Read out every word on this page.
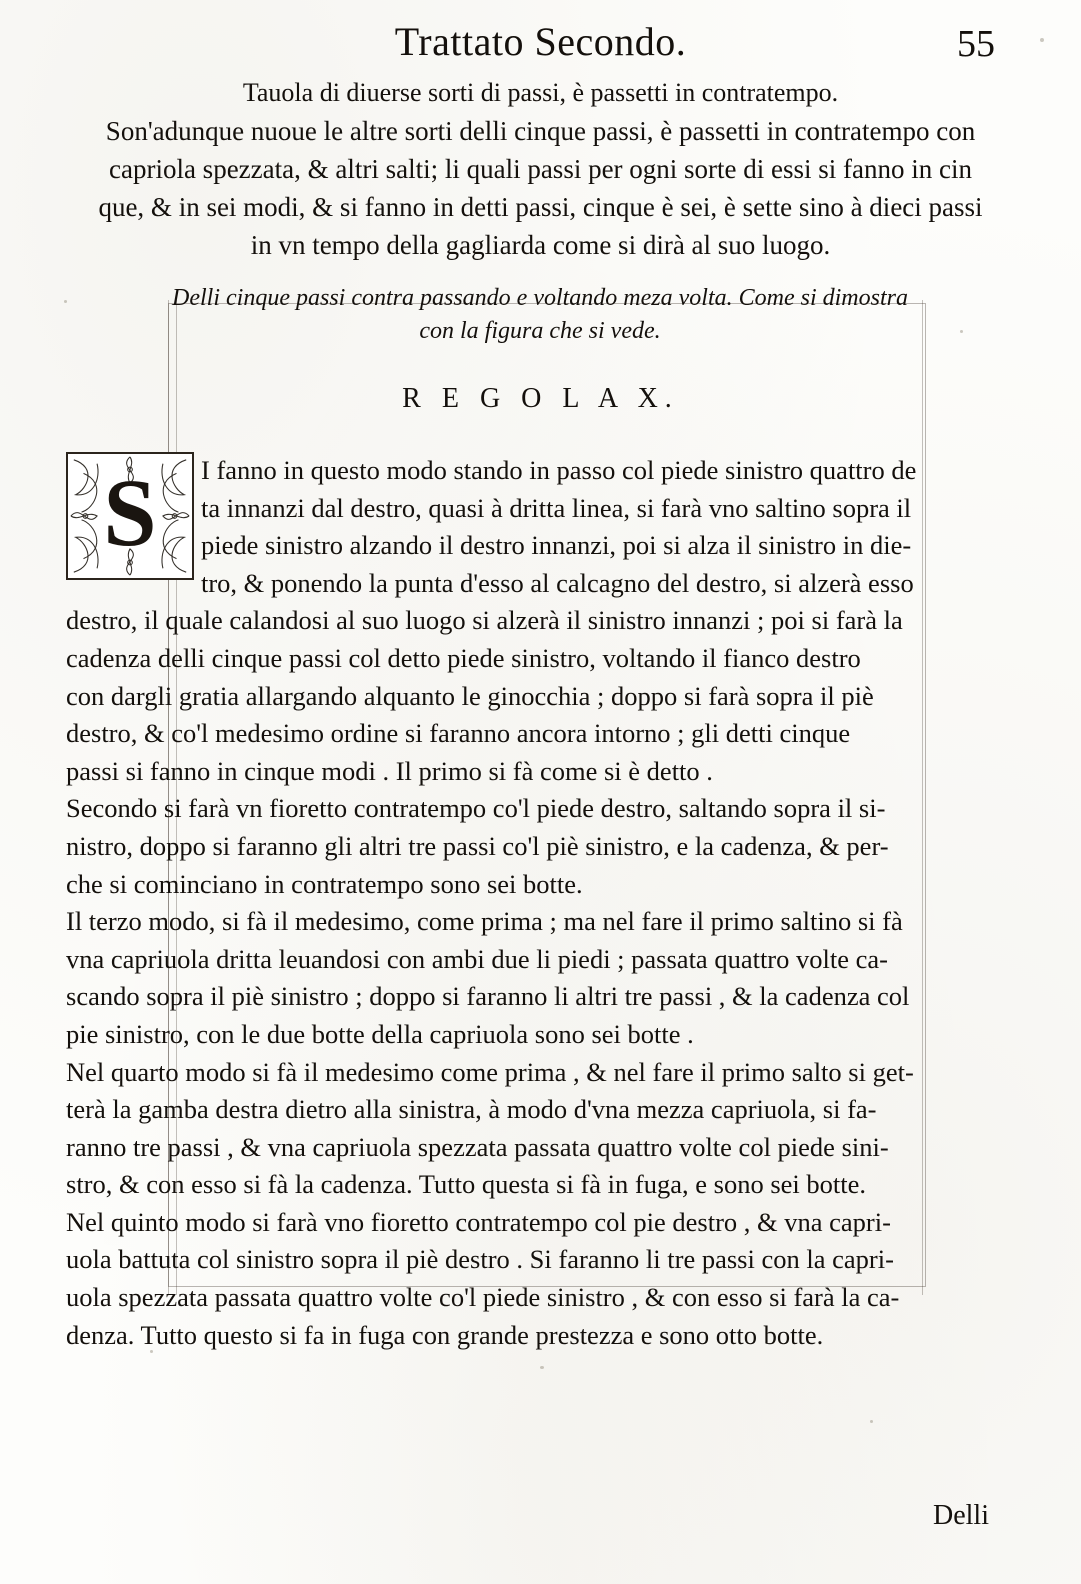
Trattato Secondo.	55
Tauola di diuerse sorti di passi, è passetti in contratempo.
Son'adunque nuoue le altre sorti delli cinque passi, è passetti in contratempo con
capriola spezzata, & altri salti; li quali passi per ogni sorte di essi si fanno in cin
que, & in sei modi, & si fanno in detti passi, cinque è sei, è sette sino à dieci passi
in vn tempo della gagliarda come si dirà al suo luogo.
Delli cinque passi contra passando e voltando meza volta. Come si dimostra
con la figura che si vede.
R E G O L A X.
S	I fanno in questo modo stando in passo col piede sinistro quattro de

ta innanzi dal destro, quasi à dritta linea, si farà vno saltino sopra il

piede sinistro alzando il destro innanzi, poi si alza il sinistro in die-

tro, & ponendo la punta d'esso al calcagno del destro, si alzerà esso

destro, il quale calandosi al suo luogo si alzerà il sinistro innanzi ; poi si farà la

cadenza delli cinque passi col detto piede sinistro, voltando il fianco destro

con dargli gratia allargando alquanto le ginocchia ; doppo si farà sopra il piè

destro, & co'l medesimo ordine si faranno ancora intorno ; gli detti cinque

passi si fanno in cinque modi . Il primo si fà come si è detto .

Secondo si farà vn fioretto contratempo co'l piede destro, saltando sopra il si-

nistro, doppo si faranno gli altri tre passi co'l piè sinistro, e la cadenza, & per-

che si cominciano in contratempo sono sei botte.

Il terzo modo, si fà il medesimo, come prima ; ma nel fare il primo saltino si fà

vna capriuola dritta leuandosi con ambi due li piedi ; passata quattro volte ca-

scando sopra il piè sinistro ; doppo si faranno li altri tre passi , & la cadenza col

pie sinistro, con le due botte della capriuola sono sei botte .

Nel quarto modo si fà il medesimo come prima , & nel fare il primo salto si get-

terà la gamba destra dietro alla sinistra, à modo d'vna mezza capriuola, si fa-

ranno tre passi , & vna capriuola spezzata passata quattro volte col piede sini-

stro, & con esso si fà la cadenza. Tutto questa si fà in fuga, e sono sei botte.

Nel quinto modo si farà vno fioretto contratempo col pie destro , & vna capri-

uola battuta col sinistro sopra il piè destro . Si faranno li tre passi con la capri-

uola spezzata passata quattro volte co'l piede sinistro , & con esso si farà la ca-

denza. Tutto questo si fa in fuga con grande prestezza e sono otto botte.

Delli
